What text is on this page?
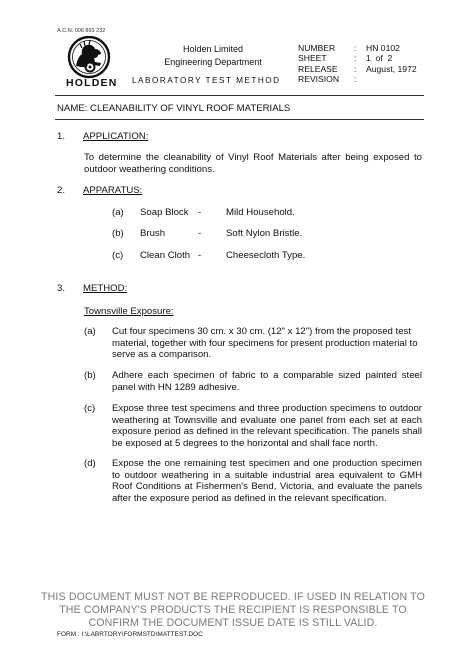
A.C.N. 006 893 232
HOLDEN
Holden Limited
Engineering Department
LABORATORY TEST METHOD
NUMBER	:	HN 0102
SHEET	:	1  of  2
RELEASE	:	August, 1972
REVISION	:
NAME: CLEANABILITY OF VINYL ROOF MATERIALS
1. APPLICATION:
To determine the cleanability of Vinyl Roof Materials after being exposed to outdoor weathering conditions.
2. APPARATUS:
(a) Soap Block -	Mild Household.
(b) Brush	-	Soft Nylon Bristle.
(c) Clean Cloth -	Cheesecloth Type.
3. METHOD:
Townsville Exposure:
(a)	Cut four specimens 30 cm. x 30 cm. (12" x 12") from the proposed test material, together with four specimens for present production material to serve as a comparison.
(b)	Adhere each specimen of fabric to a comparable sized painted steel panel with HN 1289 adhesive.
(c)	Expose three test specimens and three production specimens to outdoor weathering at Townsville and evaluate one panel from each set at each exposure period as defined in the relevant specification. The panels shall be exposed at 5 degrees to the horizontal and shall face north.
(d)	Expose the one remaining test specimen and one production specimen to outdoor weathering in a suitable industrial area equivalent to GMH Roof Conditions at Fishermen's Bend, Victoria, and evaluate the panels after the exposure period as defined in the relevant specification.
THIS DOCUMENT MUST NOT BE REPRODUCED. IF USED IN RELATION TO
THE COMPANY'S PRODUCTS THE RECIPIENT IS RESPONSIBLE TO
CONFIRM THE DOCUMENT ISSUE DATE IS STILL VALID.
FORM : I:\LABRTORY\FORMSTD\MATTEST.DOC
